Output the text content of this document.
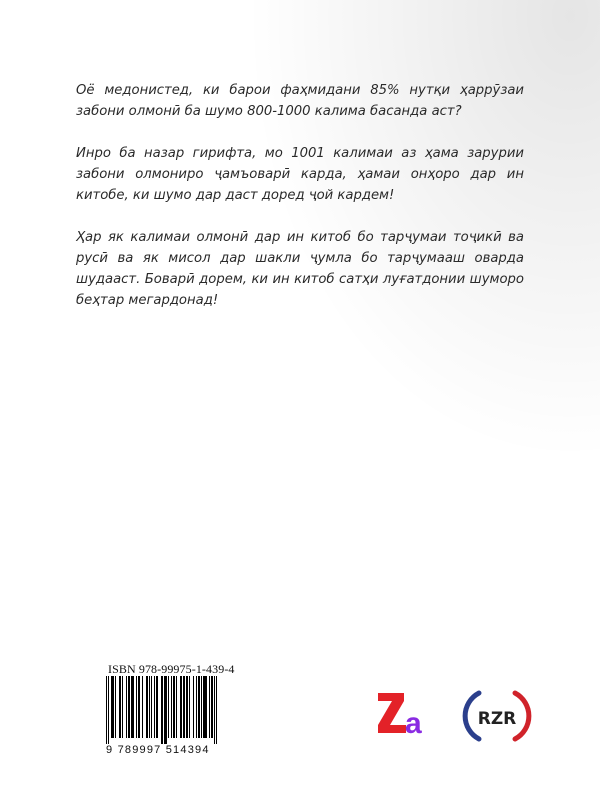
Оё медонистед, ки барои фаҳмидани 85% нутқи ҳаррӯзаи забони олмонӣ ба шумо 800-1000 калима басанда аст?

Инро ба назар гирифта, мо 1001 калимаи аз ҳама зарурии забони олмониро ҷамъоварӣ карда, ҳамаи онҳоро дар ин китобе, ки шумо дар даст доред ҷой кардем!

Ҳар як калимаи олмонӣ дар ин китоб бо тарҷумаи тоҷикӣ ва русӣ ва як мисол дар шакли ҷумла бо тарҷумааш оварда шудааст. Боварӣ дорем, ки ин китоб сатҳи луғатдонии шуморо беҳтар мегардонад!

ISBN 978-99975-1-439-4
9 789997 514394
a	RZR
